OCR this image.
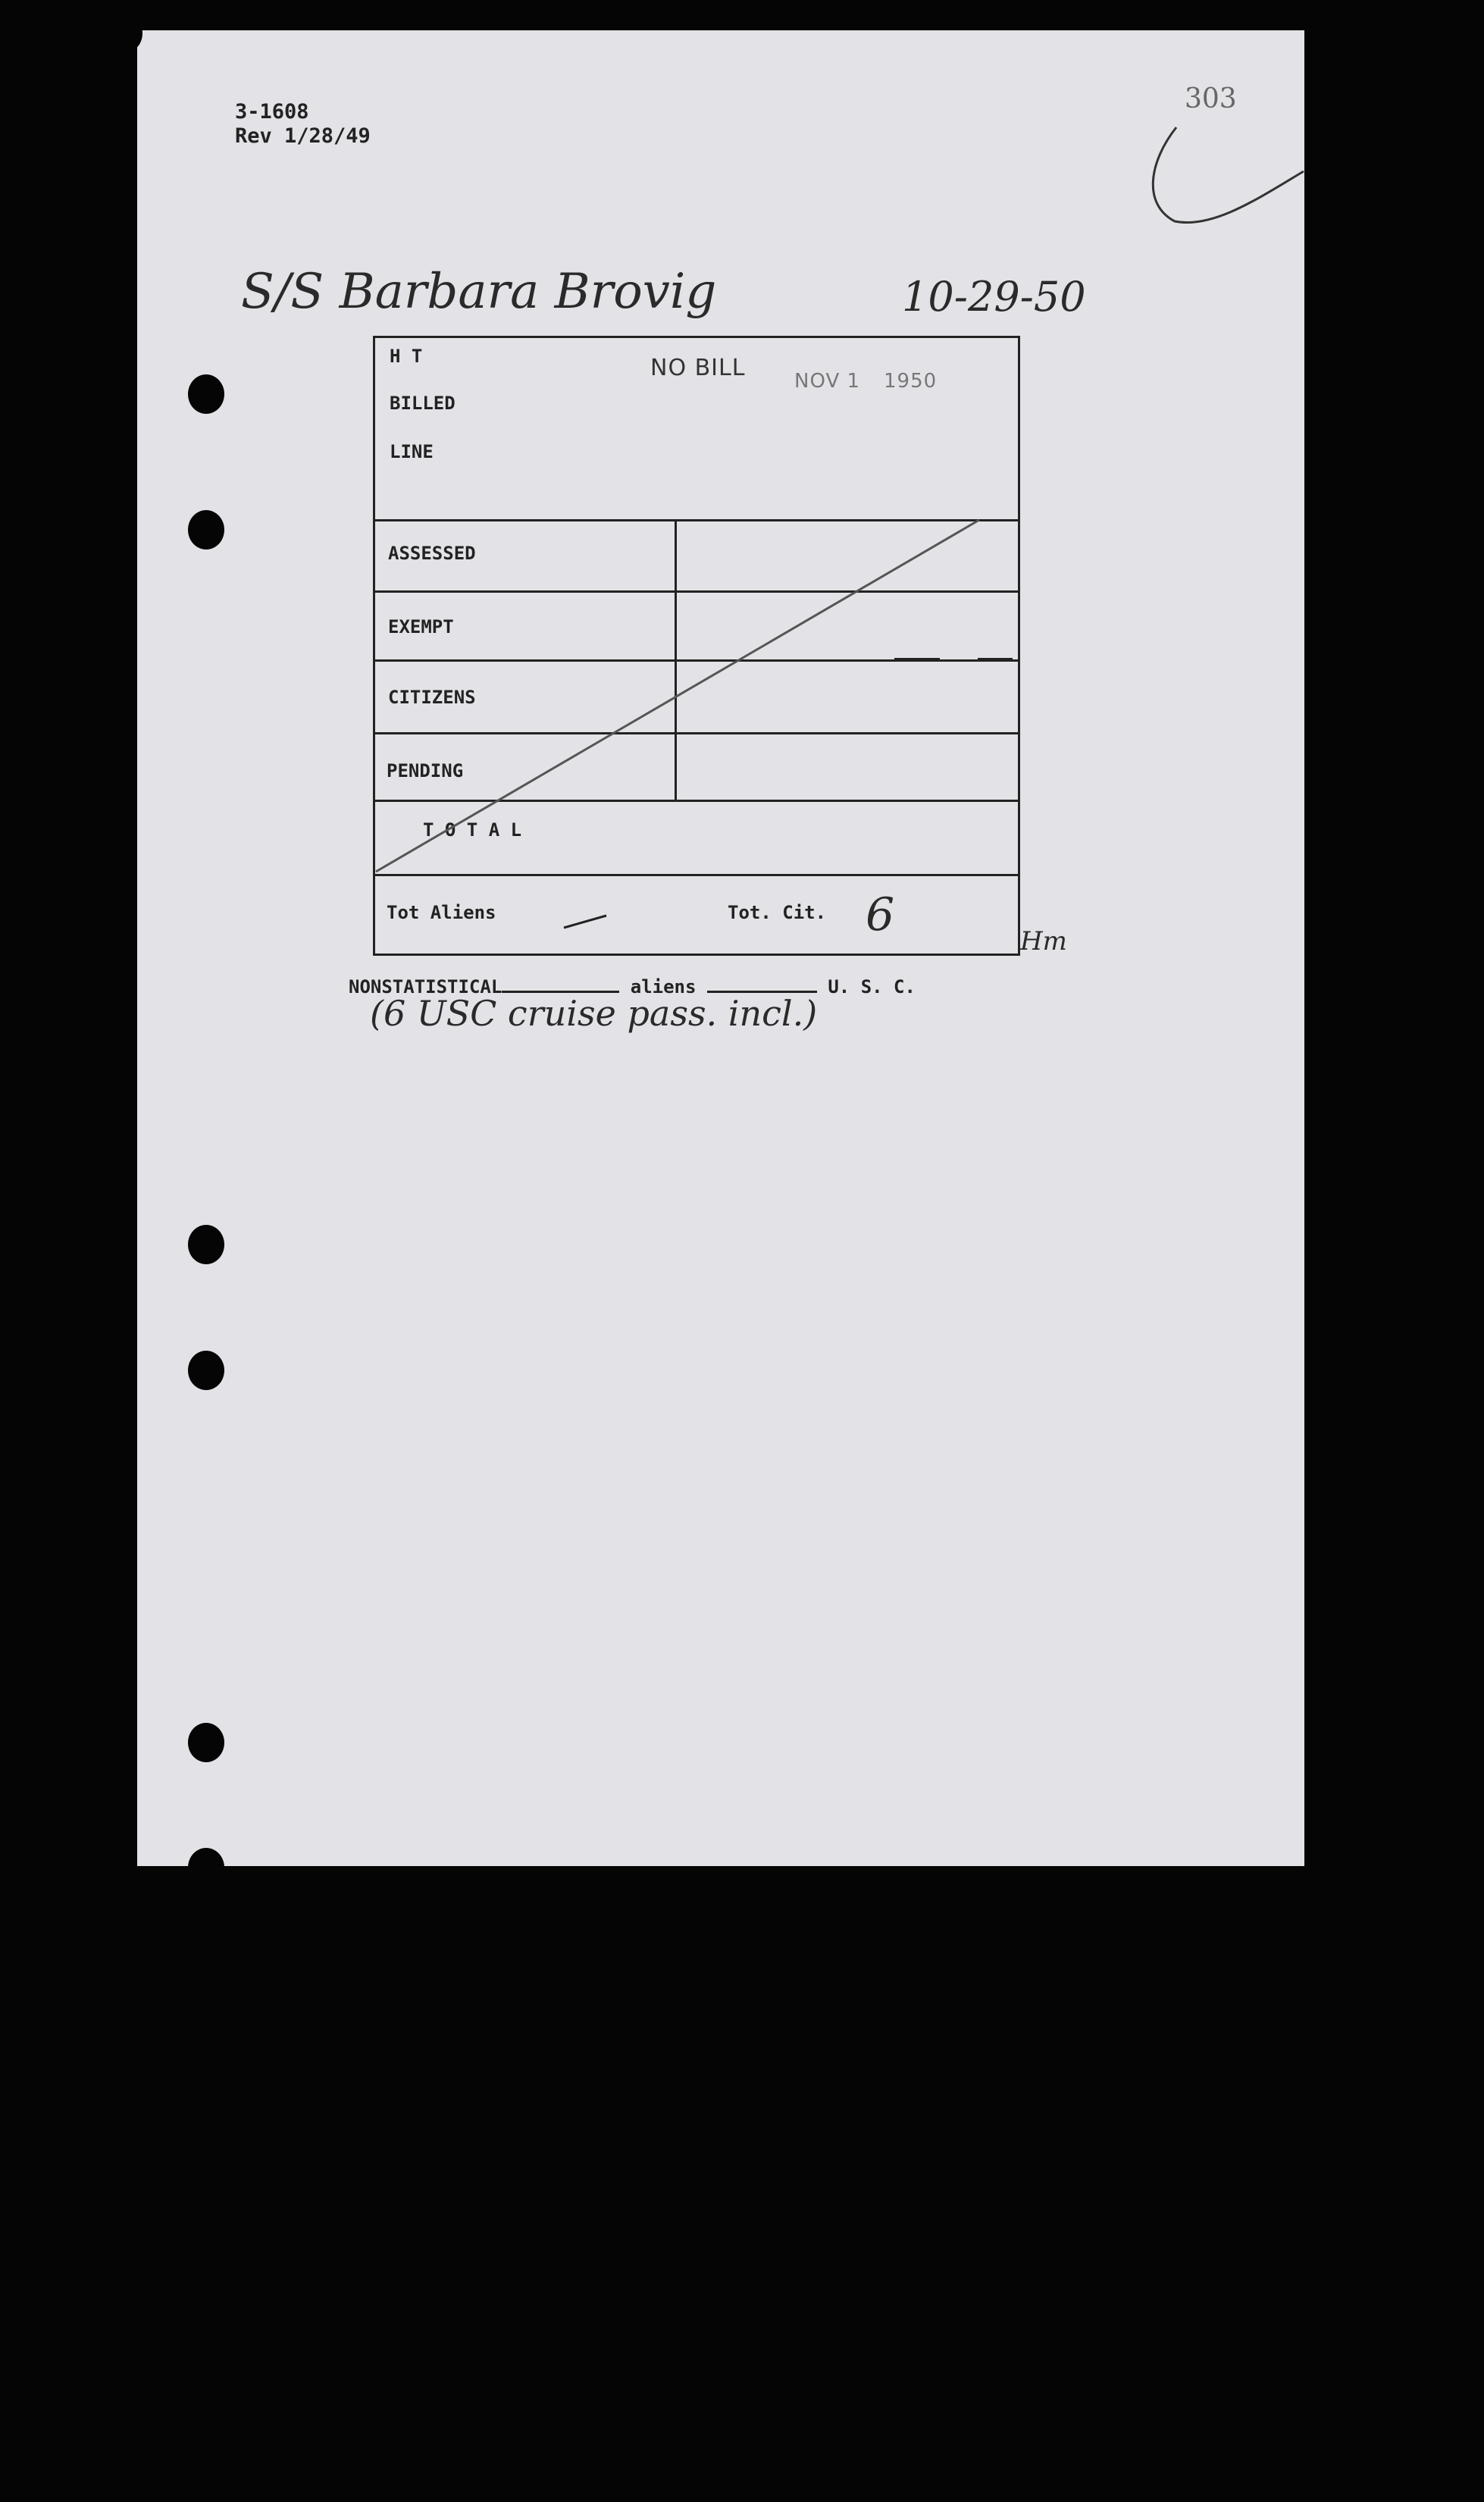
3-1608
Rev 1/28/49
303
S/S Barbara Brovig	10-29-50
NO BILL NOV 1 1950
H T
BILLED
LINE
ASSESSED
EXEMPT
CITIZENS
PENDING
T O T A L
Tot Aliens	Tot. Cit. 6	Hm
NONSTATISTICAL	aliens	U. S. C.
(6 USC cruise pass. incl.)
